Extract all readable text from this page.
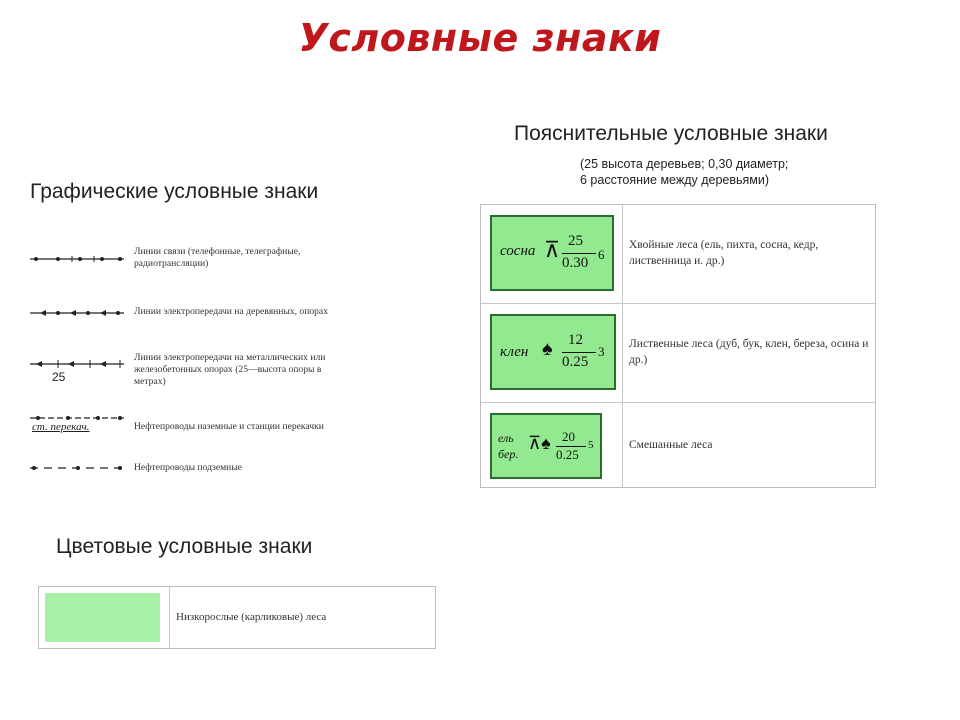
Условные знаки
Графические условные знаки
Линии связи (телефонные, телеграфные, радиотрансляции)
Линии электропередачи на деревянных, опорах
25
Линии электропередачи на металлических или железобетонных опорах (25—высота опоры в метрах)
ст. перекач.	Нефтепроводы наземные и станции перекачки
Нефтепроводы подземные
Пояснительные условные знаки
(25 высота деревьев; 0,30 диаметр;
6 расстояние между деревьями)
сосна ⊼ 25
0.30
6
Хвойные леса (ель, пихта, сосна, кедр, лиственница и. др.)
клен ♠ 12
0.25
3 Лиственные леса (дуб, бук, клен, береза, осина и др.)
ель
бер.
⊼♠ 20
0.25
5	Смешанные леса
Цветовые условные знаки
Низкорослые (карликовые) леса
